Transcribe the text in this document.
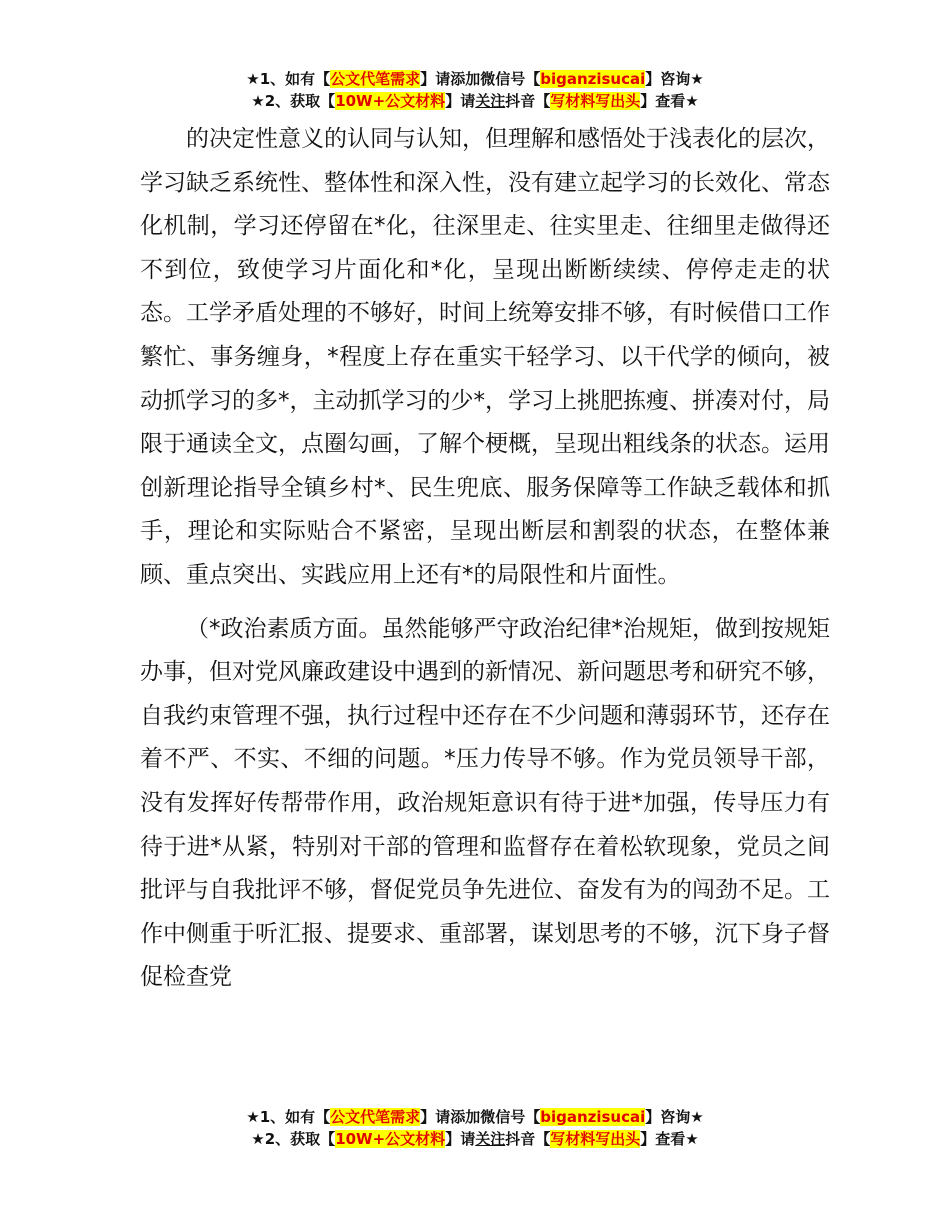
★1、如有【公文代笔需求】请添加微信号【biganzisucai】咨询★
★2、获取【10W+公文材料】请关注抖音【写材料写出头】查看★

的决定性意义的认同与认知，但理解和感悟处于浅表化的层次，学习缺乏系统性、整体性和深入性，没有建立起学习的长效化、常态化机制，学习还停留在*化，往深里走、往实里走、往细里走做得还不到位，致使学习片面化和*化，呈现出断断续续、停停走走的状态。工学矛盾处理的不够好，时间上统筹安排不够，有时候借口工作繁忙、事务缠身，*程度上存在重实干轻学习、以干代学的倾向，被动抓学习的多*，主动抓学习的少*，学习上挑肥拣瘦、拼凑对付，局限于通读全文，点圈勾画，了解个梗概，呈现出粗线条的状态。运用创新理论指导全镇乡村*、民生兜底、服务保障等工作缺乏载体和抓手，理论和实际贴合不紧密，呈现出断层和割裂的状态，在整体兼顾、重点突出、实践应用上还有*的局限性和片面性。

（*政治素质方面。虽然能够严守政治纪律*治规矩，做到按规矩办事，但对党风廉政建设中遇到的新情况、新问题思考和研究不够，自我约束管理不强，执行过程中还存在不少问题和薄弱环节，还存在着不严、不实、不细的问题。*压力传导不够。作为党员领导干部，没有发挥好传帮带作用，政治规矩意识有待于进*加强，传导压力有待于进*从紧，特别对干部的管理和监督存在着松软现象，党员之间批评与自我批评不够，督促党员争先进位、奋发有为的闯劲不足。工作中侧重于听汇报、提要求、重部署，谋划思考的不够，沉下身子督促检查党

★1、如有【公文代笔需求】请添加微信号【biganzisucai】咨询★
★2、获取【10W+公文材料】请关注抖音【写材料写出头】查看★
